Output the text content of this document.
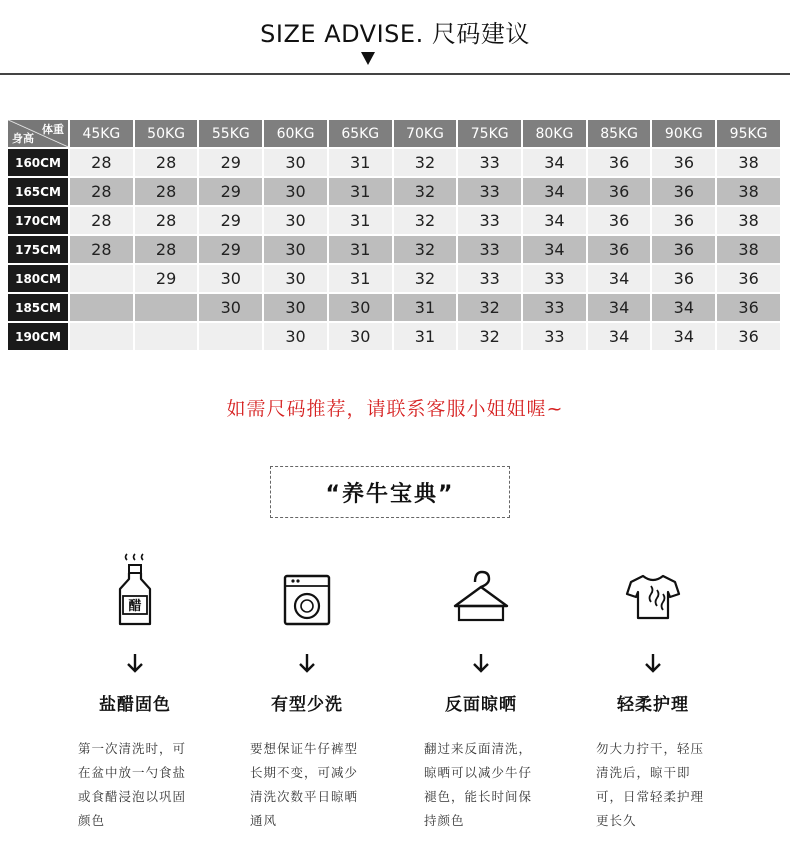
SIZE ADVISE. 尺码建议
体重
身高	45KG	50KG	55KG	60KG	65KG	70KG	75KG	80KG	85KG	90KG	95KG
160CM	28	28	29	30	31	32	33	34	36	36	38
165CM	28	28	29	30	31	32	33	34	36	36	38
170CM	28	28	29	30	31	32	33	34	36	36	38
175CM	28	28	29	30	31	32	33	34	36	36	38
180CM		29	30	30	31	32	33	33	34	36	36
185CM			30	30	30	31	32	33	34	34	36
190CM				30	30	31	32	33	34	34	36
如需尺码推荐，请联系客服小姐姐喔~
“养牛宝典”
醋
盐醋固色
第一次清洗时，可在盆中放一勺食盐或食醋浸泡以巩固颜色
有型少洗
要想保证牛仔裤型长期不变，可减少清洗次数平日晾晒通风
反面晾晒
翻过来反面清洗，晾晒可以减少牛仔褪色，能长时间保持颜色
轻柔护理
勿大力拧干，轻压清洗后，晾干即可，日常轻柔护理更长久
